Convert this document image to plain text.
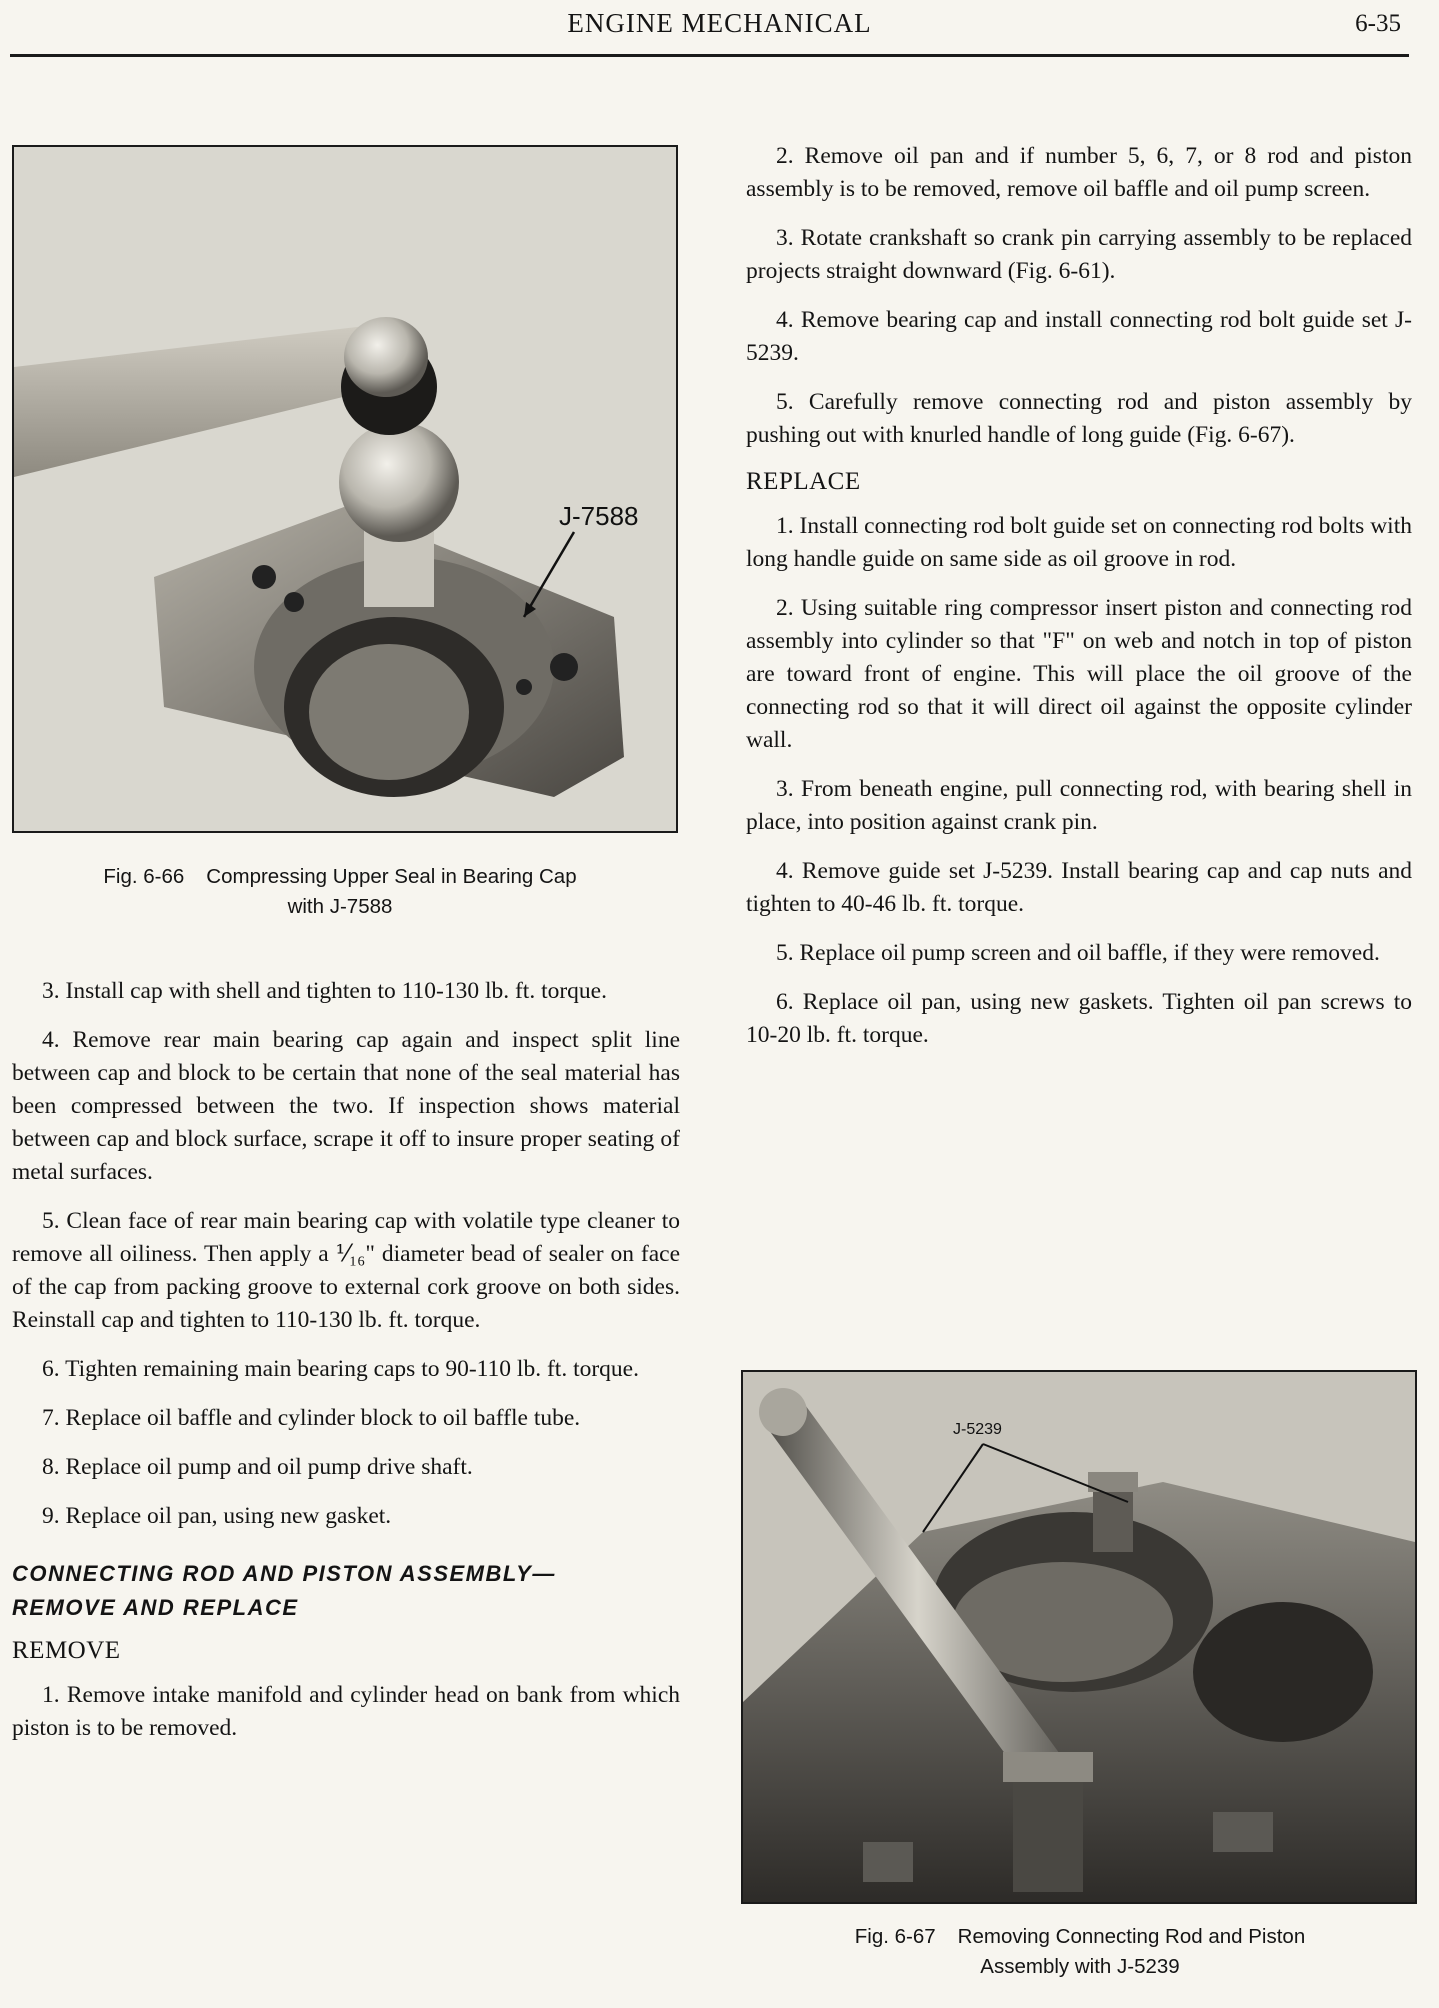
ENGINE MECHANICAL	6-35
J-7588
Fig. 6-66 Compressing Upper Seal in Bearing Cap
with J-7588

3. Install cap with shell and tighten to 110-130 lb. ft. torque.

4. Remove rear main bearing cap again and inspect split line between cap and block to be certain that none of the seal material has been compressed between the two. If inspection shows material between cap and block surface, scrape it off to insure proper seating of metal surfaces.

5. Clean face of rear main bearing cap with volatile type cleaner to remove all oiliness. Then apply a ⅟₁₆" diameter bead of sealer on face of the cap from packing groove to external cork groove on both sides. Reinstall cap and tighten to 110-130 lb. ft. torque.

6. Tighten remaining main bearing caps to 90-110 lb. ft. torque.

7. Replace oil baffle and cylinder block to oil baffle tube.

8. Replace oil pump and oil pump drive shaft.

9. Replace oil pan, using new gasket.

CONNECTING ROD AND PISTON ASSEMBLY—
REMOVE AND REPLACE
REMOVE

1. Remove intake manifold and cylinder head on bank from which piston is to be removed.

2. Remove oil pan and if number 5, 6, 7, or 8 rod and piston assembly is to be removed, remove oil baffle and oil pump screen.

3. Rotate crankshaft so crank pin carrying assembly to be replaced projects straight downward (Fig. 6-61).

4. Remove bearing cap and install connecting rod bolt guide set J-5239.

5. Carefully remove connecting rod and piston assembly by pushing out with knurled handle of long guide (Fig. 6-67).

REPLACE

1. Install connecting rod bolt guide set on connecting rod bolts with long handle guide on same side as oil groove in rod.

2. Using suitable ring compressor insert piston and connecting rod assembly into cylinder so that "F" on web and notch in top of piston are toward front of engine. This will place the oil groove of the connecting rod so that it will direct oil against the opposite cylinder wall.

3. From beneath engine, pull connecting rod, with bearing shell in place, into position against crank pin.

4. Remove guide set J-5239. Install bearing cap and cap nuts and tighten to 40-46 lb. ft. torque.

5. Replace oil pump screen and oil baffle, if they were removed.

6. Replace oil pan, using new gaskets. Tighten oil pan screws to 10-20 lb. ft. torque.

J-5239
Fig. 6-67 Removing Connecting Rod and Piston
Assembly with J-5239
